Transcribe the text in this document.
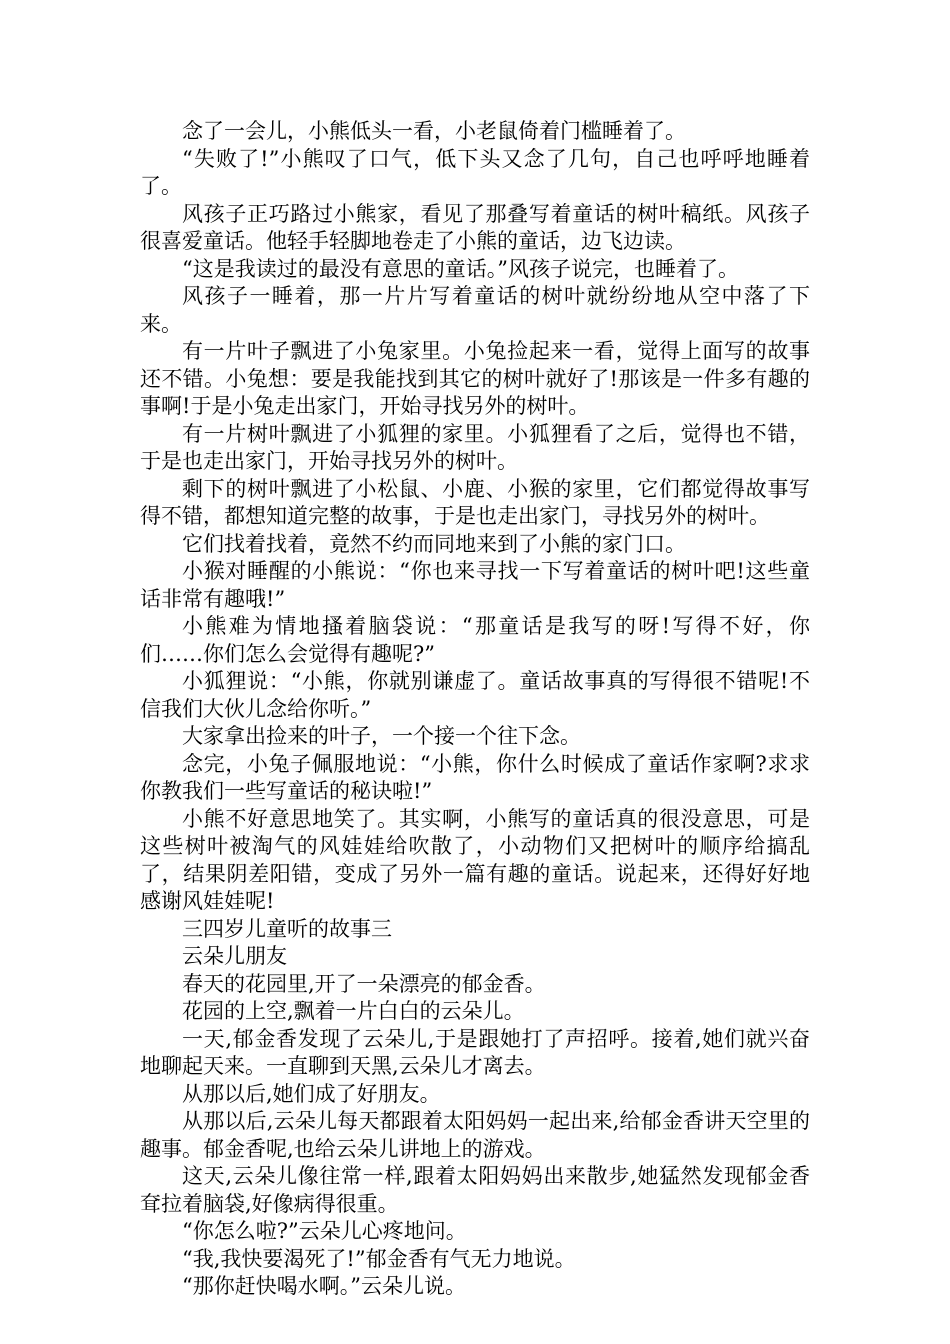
念了一会儿，小熊低头一看，小老鼠倚着门槛睡着了。

“失败了!”小熊叹了口气，低下头又念了几句，自己也呼呼地睡着了。

风孩子正巧路过小熊家，看见了那叠写着童话的树叶稿纸。风孩子很喜爱童话。他轻手轻脚地卷走了小熊的童话，边飞边读。

“这是我读过的最没有意思的童话。”风孩子说完，也睡着了。

风孩子一睡着，那一片片写着童话的树叶就纷纷地从空中落了下来。

有一片叶子飘进了小兔家里。小兔捡起来一看，觉得上面写的故事还不错。小兔想：要是我能找到其它的树叶就好了!那该是一件多有趣的事啊!于是小兔走出家门，开始寻找另外的树叶。

有一片树叶飘进了小狐狸的家里。小狐狸看了之后，觉得也不错，于是也走出家门，开始寻找另外的树叶。

剩下的树叶飘进了小松鼠、小鹿、小猴的家里，它们都觉得故事写得不错，都想知道完整的故事，于是也走出家门，寻找另外的树叶。

它们找着找着，竟然不约而同地来到了小熊的家门口。

小猴对睡醒的小熊说：“你也来寻找一下写着童话的树叶吧!这些童话非常有趣哦!”

小熊难为情地搔着脑袋说：“那童话是我写的呀!写得不好，你们……你们怎么会觉得有趣呢?”

小狐狸说：“小熊，你就别谦虚了。童话故事真的写得很不错呢!不信我们大伙儿念给你听。”

大家拿出捡来的叶子，一个接一个往下念。

念完，小兔子佩服地说：“小熊，你什么时候成了童话作家啊?求求你教我们一些写童话的秘诀啦!”

小熊不好意思地笑了。其实啊，小熊写的童话真的很没意思，可是这些树叶被淘气的风娃娃给吹散了，小动物们又把树叶的顺序给搞乱了，结果阴差阳错，变成了另外一篇有趣的童话。说起来，还得好好地感谢风娃娃呢!

三四岁儿童听的故事三

云朵儿朋友

春天的花园里,开了一朵漂亮的郁金香。

花园的上空,飘着一片白白的云朵儿。

一天,郁金香发现了云朵儿,于是跟她打了声招呼。接着,她们就兴奋地聊起天来。一直聊到天黑,云朵儿才离去。

从那以后,她们成了好朋友。

从那以后,云朵儿每天都跟着太阳妈妈一起出来,给郁金香讲天空里的趣事。郁金香呢,也给云朵儿讲地上的游戏。

这天,云朵儿像往常一样,跟着太阳妈妈出来散步,她猛然发现郁金香耷拉着脑袋,好像病得很重。

“你怎么啦?”云朵儿心疼地问。

“我,我快要渴死了!”郁金香有气无力地说。

“那你赶快喝水啊。”云朵儿说。
